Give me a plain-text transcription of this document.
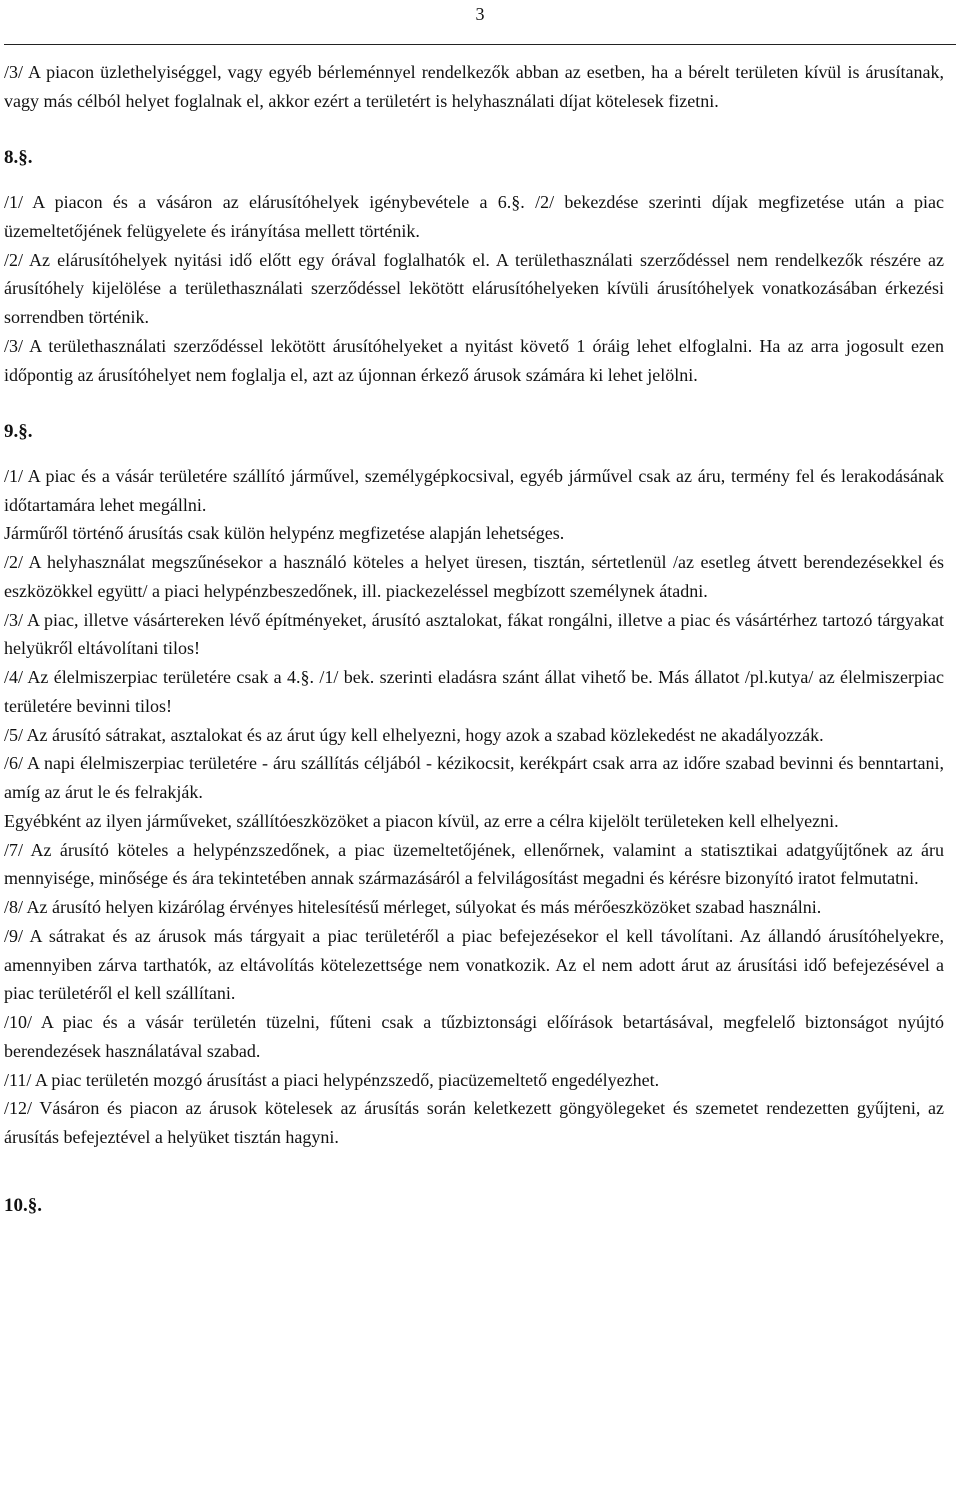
3

/3/ A piacon üzlethelyiséggel, vagy egyéb bérleménnyel rendelkezők abban az esetben, ha a bérelt területen kívül is árusítanak, vagy más célból helyet foglalnak el, akkor ezért a területért is helyhasználati díjat kötelesek fizetni.

8.§.

/1/ A piacon és a vásáron az elárusítóhelyek igénybevétele a 6.§. /2/ bekezdése szerinti díjak megfizetése után a piac üzemeltetőjének felügyelete és irányítása mellett történik.

/2/ Az elárusítóhelyek nyitási idő előtt egy órával foglalhatók el. A területhasználati szerződéssel nem rendelkezők részére az árusítóhely kijelölése a területhasználati szerződéssel lekötött elárusítóhelyeken kívüli árusítóhelyek vonatkozásában érkezési sorrendben történik.

/3/ A területhasználati szerződéssel lekötött árusítóhelyeket a nyitást követő 1 óráig lehet elfoglalni. Ha az arra jogosult ezen időpontig az árusítóhelyet nem foglalja el, azt az újonnan érkező árusok számára ki lehet jelölni.

9.§.

/1/ A piac és a vásár területére szállító járművel, személygépkocsival, egyéb járművel csak az áru, termény fel és lerakodásának időtartamára lehet megállni.

Járműről történő árusítás csak külön helypénz megfizetése alapján lehetséges.

/2/ A helyhasználat megszűnésekor a használó köteles a helyet üresen, tisztán, sértetlenül /az esetleg átvett berendezésekkel és eszközökkel együtt/ a piaci helypénzbeszedőnek, ill. piackezeléssel megbízott személynek átadni.

/3/ A piac, illetve vásártereken lévő építményeket, árusító asztalokat, fákat rongálni, illetve a piac és vásártérhez tartozó tárgyakat helyükről eltávolítani tilos!

/4/ Az élelmiszerpiac területére csak a 4.§. /1/ bek. szerinti eladásra szánt állat vihető be. Más állatot /pl.kutya/ az élelmiszerpiac területére bevinni tilos!

/5/ Az árusító sátrakat, asztalokat és az árut úgy kell elhelyezni, hogy azok a szabad közlekedést ne akadályozzák.

/6/ A napi élelmiszerpiac területére - áru szállítás céljából - kézikocsit, kerékpárt csak arra az időre szabad bevinni és benntartani, amíg az árut le és felrakják.

Egyébként az ilyen járműveket, szállítóeszközöket a piacon kívül, az erre a célra kijelölt területeken kell elhelyezni.

/7/ Az árusító köteles a helypénzszedőnek, a piac üzemeltetőjének, ellenőrnek, valamint a statisztikai adatgyűjtőnek az áru mennyisége, minősége és ára tekintetében annak származásáról a felvilágosítást megadni és kérésre bizonyító iratot felmutatni.

/8/ Az árusító helyen kizárólag érvényes hitelesítésű mérleget, súlyokat és más mérőeszközöket szabad használni.

/9/ A sátrakat és az árusok más tárgyait a piac területéről a piac befejezésekor el kell távolítani. Az állandó árusítóhelyekre, amennyiben zárva tarthatók, az eltávolítás kötelezettsége nem vonatkozik. Az el nem adott árut az árusítási idő befejezésével a piac területéről el kell szállítani.

/10/ A piac és a vásár területén tüzelni, fűteni csak a tűzbiztonsági előírások betartásával, megfelelő biztonságot nyújtó berendezések használatával szabad.

/11/ A piac területén mozgó árusítást a piaci helypénzszedő, piacüzemeltető engedélyezhet.

/12/ Vásáron és piacon az árusok kötelesek az árusítás során keletkezett göngyölegeket és szemetet rendezetten gyűjteni, az árusítás befejeztével a helyüket tisztán hagyni.

10.§.
